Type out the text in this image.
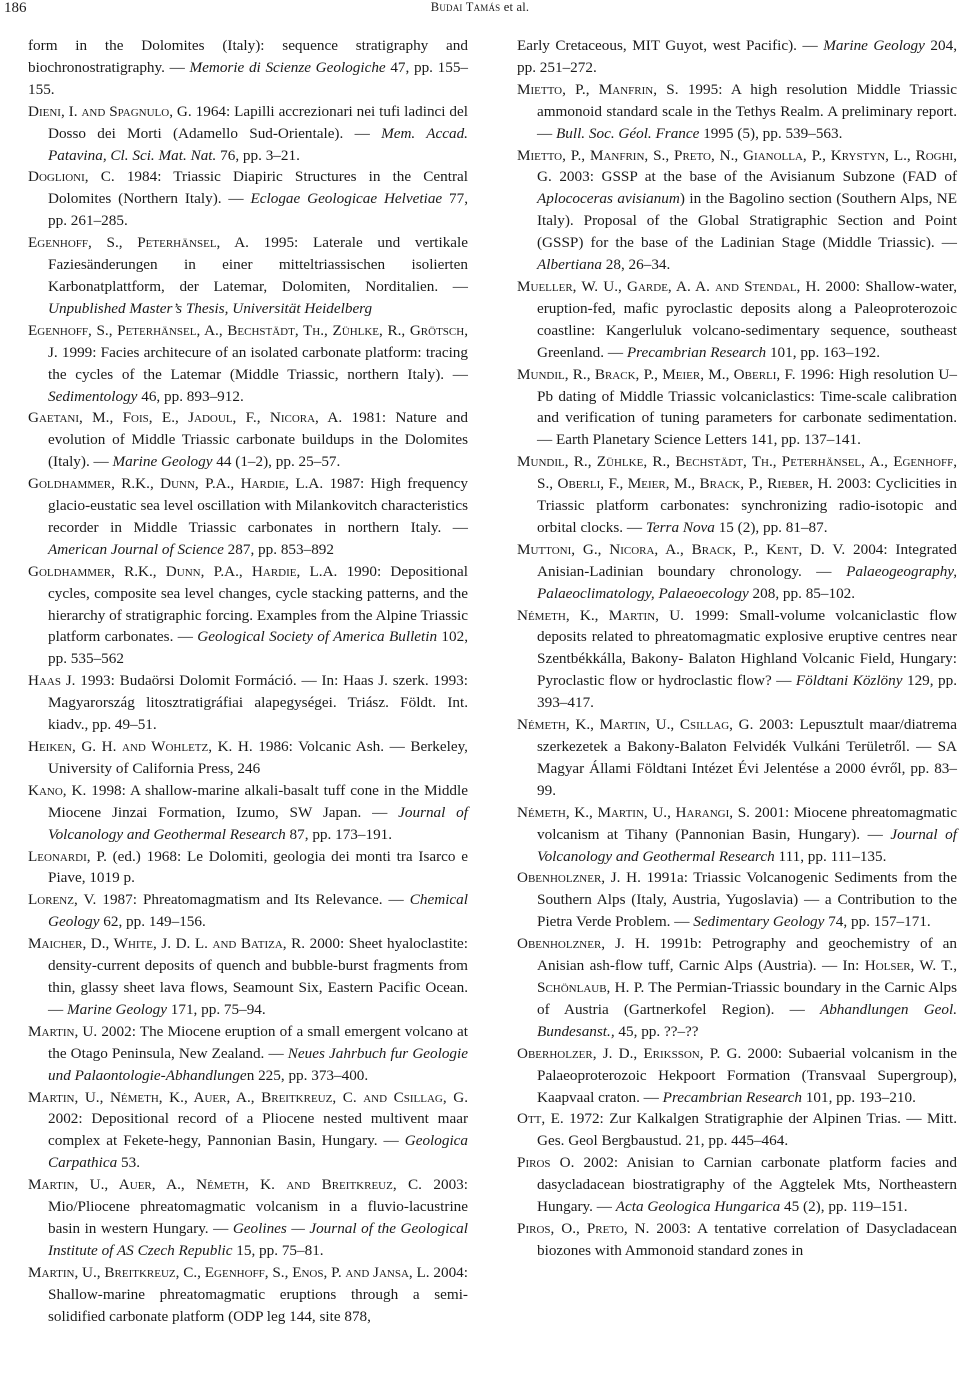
186	Budai Tamás et al.

form in the Dolomites (Italy): sequence stratigraphy and biochronostratigraphy. — Memorie di Scienze Geologiche 47, pp. 155–155.

Dieni, I. and Spagnulo, G. 1964: Lapilli accrezionari nei tufi ladinci del Dosso dei Morti (Adamello Sud-Orientale). — Mem. Accad. Patavina, Cl. Sci. Mat. Nat. 76, pp. 3–21.

Doglioni, C. 1984: Triassic Diapiric Structures in the Central Dolomites (Northern Italy). — Eclogae Geologicae Helvetiae 77, pp. 261–285.

Egenhoff, S., Peterhänsel, A. 1995: Laterale und vertikale Faziesänderungen in einer mitteltriassischen isolierten Karbonatplattform, der Latemar, Dolomiten, Norditalien. — Unpublished Master’s Thesis, Universität Heidelberg

Egenhoff, S., Peterhänsel, A., Bechstädt, Th., Zühlke, R., Grötsch, J. 1999: Facies architecure of an isolated carbonate platform: tracing the cycles of the Latemar (Middle Triassic, northern Italy). — Sedimentology 46, pp. 893–912.

Gaetani, M., Fois, E., Jadoul, F., Nicora, A. 1981: Nature and evolution of Middle Triassic carbonate buildups in the Dolomites (Italy). — Marine Geology 44 (1–2), pp. 25–57.

Goldhammer, R.K., Dunn, P.A., Hardie, L.A. 1987: High frequency glacio-eustatic sea level oscillation with Milankovitch characteristics recorder in Middle Triassic carbonates in northern Italy. — American Journal of Science 287, pp. 853–892

Goldhammer, R.K., Dunn, P.A., Hardie, L.A. 1990: Depositional cycles, composite sea level changes, cycle stacking patterns, and the hierarchy of stratigraphic forcing. Examples from the Alpine Triassic platform carbonates. — Geological Society of America Bulletin 102, pp. 535–562

Haas J. 1993: Budaörsi Dolomit Formáció. — In: Haas J. szerk. 1993: Magyarország litosztratigráfiai alapegységei. Triász. Földt. Int. kiadv., pp. 49–51.

Heiken, G. H. and Wohletz, K. H. 1986: Volcanic Ash. — Berkeley, University of California Press, 246

Kano, K. 1998: A shallow-marine alkali-basalt tuff cone in the Middle Miocene Jinzai Formation, Izumo, SW Japan. — Journal of Volcanology and Geothermal Research 87, pp. 173–191.

Leonardi, P. (ed.) 1968: Le Dolomiti, geologia dei monti tra Isarco e Piave, 1019 p.

Lorenz, V. 1987: Phreatomagmatism and Its Relevance. — Chemical Geology 62, pp. 149–156.

Maicher, D., White, J. D. L. and Batiza, R. 2000: Sheet hyaloclastite: density-current deposits of quench and bubble-burst fragments from thin, glassy sheet lava flows, Seamount Six, Eastern Pacific Ocean. — Marine Geology 171, pp. 75–94.

Martin, U. 2002: The Miocene eruption of a small emergent volcano at the Otago Peninsula, New Zealand. — Neues Jahrbuch fur Geologie und Palaontologie-Abhandlungen 225, pp. 373–400.

Martin, U., Németh, K., Auer, A., Breitkreuz, C. and Csillag, G. 2002: Depositional record of a Pliocene nested multivent maar complex at Fekete-hegy, Pannonian Basin, Hungary. — Geologica Carpathica 53.

Martin, U., Auer, A., Németh, K. and Breitkreuz, C. 2003: Mio/Pliocene phreatomagmatic volcanism in a fluvio-lacustrine basin in western Hungary. — Geolines — Journal of the Geological Institute of AS Czech Republic 15, pp. 75–81.

Martin, U., Breitkreuz, C., Egenhoff, S., Enos, P. and Jansa, L. 2004: Shallow-marine phreatomagmatic eruptions through a semi-solidified carbonate platform (ODP leg 144, site 878,

Early Cretaceous, MIT Guyot, west Pacific). — Marine Geology 204, pp. 251–272.

Mietto, P., Manfrin, S. 1995: A high resolution Middle Triassic ammonoid standard scale in the Tethys Realm. A preliminary report. — Bull. Soc. Géol. France 1995 (5), pp. 539–563.

Mietto, P., Manfrin, S., Preto, N., Gianolla, P., Krystyn, L., Roghi, G. 2003: GSSP at the base of the Avisianum Subzone (FAD of Aplococeras avisianum) in the Bagolino section (Southern Alps, NE Italy). Proposal of the Global Stratigraphic Section and Point (GSSP) for the base of the Ladinian Stage (Middle Triassic). — Albertiana 28, 26–34.

Mueller, W. U., Garde, A. A. and Stendal, H. 2000: Shallow-water, eruption-fed, mafic pyroclastic deposits along a Paleoproterozoic coastline: Kangerluluk volcano-sedimentary sequence, southeast Greenland. — Precambrian Research 101, pp. 163–192.

Mundil, R., Brack, P., Meier, M., Oberli, F. 1996: High resolution U–Pb dating of Middle Triassic volcaniclastics: Time-scale calibration and verification of tuning parameters for carbonate sedimentation. — Earth Planetary Science Letters 141, pp. 137–141.

Mundil, R., Zühlke, R., Bechstädt, Th., Peterhänsel, A., Egenhoff, S., Oberli, F., Meier, M., Brack, P., Rieber, H. 2003: Cyclicities in Triassic platform carbonates: synchronizing radio-isotopic and orbital clocks. — Terra Nova 15 (2), pp. 81–87.

Muttoni, G., Nicora, A., Brack, P., Kent, D. V. 2004: Integrated Anisian-Ladinian boundary chronology. — Palaeogeography, Palaeoclimatology, Palaeoecology 208, pp. 85–102.

Németh, K., Martin, U. 1999: Small-volume volcaniclastic flow deposits related to phreatomagmatic explosive eruptive centres near Szentbékkálla, Bakony- Balaton Highland Volcanic Field, Hungary: Pyroclastic flow or hydroclastic flow? — Földtani Közlöny 129, pp. 393–417.

Németh, K., Martin, U., Csillag, G. 2003: Lepusztult maar/diatrema szerkezetek a Bakony-Balaton Felvidék Vulkáni Területről. — SA Magyar Állami Földtani Intézet Évi Jelentése a 2000 évről, pp. 83–99.

Németh, K., Martin, U., Harangi, S. 2001: Miocene phreatomagmatic volcanism at Tihany (Pannonian Basin, Hungary). — Journal of Volcanology and Geothermal Research 111, pp. 111–135.

Obenholzner, J. H. 1991a: Triassic Volcanogenic Sediments from the Southern Alps (Italy, Austria, Yugoslavia) — a Contribution to the Pietra Verde Problem. — Sedimentary Geology 74, pp. 157–171.

Obenholzner, J. H. 1991b: Petrography and geochemistry of an Anisian ash-flow tuff, Carnic Alps (Austria). — In: Holser, W. T., Schönlaub, H. P. The Permian-Triassic boundary in the Carnic Alps of Austria (Gartnerkofel Region). — Abhandlungen Geol. Bundesanst., 45, pp. ??–??

Oberholzer, J. D., Eriksson, P. G. 2000: Subaerial volcanism in the Palaeoproterozoic Hekpoort Formation (Transvaal Supergroup), Kaapvaal craton. — Precambrian Research 101, pp. 193–210.

Ott, E. 1972: Zur Kalkalgen Stratigraphie der Alpinen Trias. — Mitt. Ges. Geol Bergbaustud. 21, pp. 445–464.

Piros O. 2002: Anisian to Carnian carbonate platform facies and dasycladacean biostratigraphy of the Aggtelek Mts, Northeastern Hungary. — Acta Geologica Hungarica 45 (2), pp. 119–151.

Piros, O., Preto, N. 2003: A tentative correlation of Dasycladacean biozones with Ammonoid standard zones in
